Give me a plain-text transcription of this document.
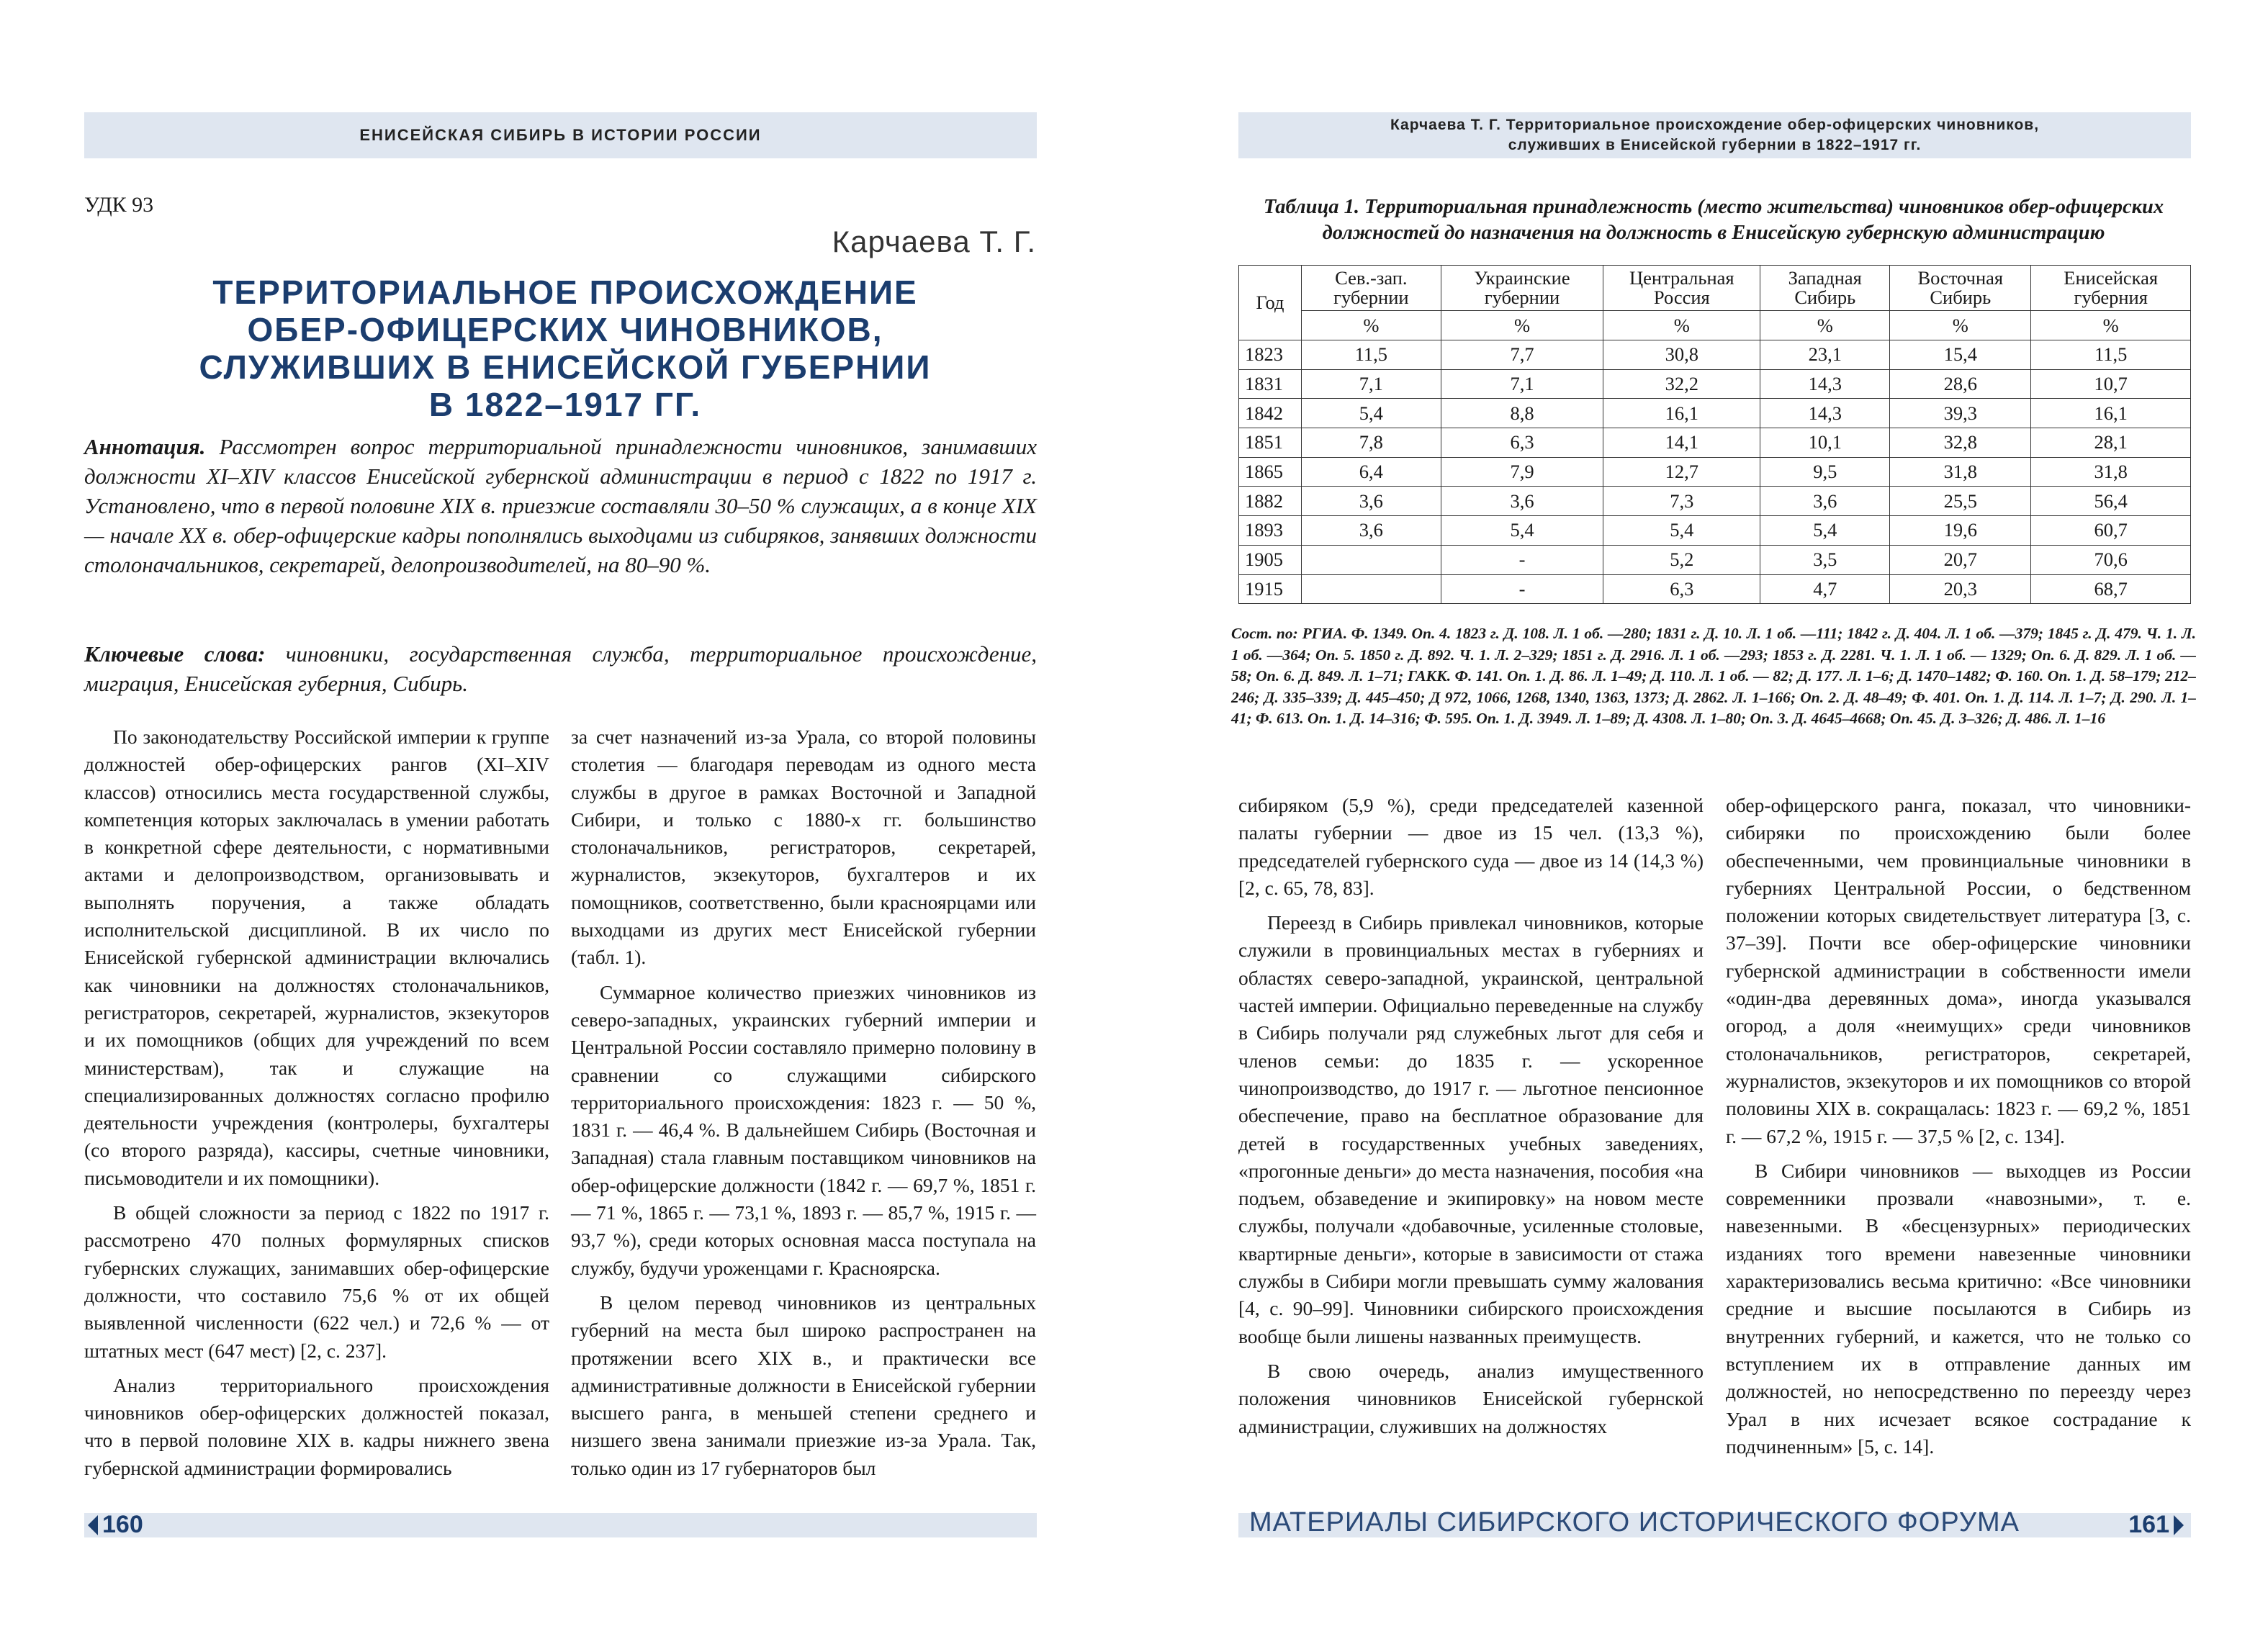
ЕНИСЕЙСКАЯ СИБИРЬ В ИСТОРИИ РОССИИ
УДК 93
Карчаева Т. Г.
ТЕРРИТОРИАЛЬНОЕ ПРОИСХОЖДЕНИЕ
ОБЕР-ОФИЦЕРСКИХ ЧИНОВНИКОВ,
СЛУЖИВШИХ В ЕНИСЕЙСКОЙ ГУБЕРНИИ
В 1822–1917 ГГ.
Аннотация. Рассмотрен вопрос территориальной принадлежности чиновников, занимавших должности XI–XIV классов Енисейской губернской администрации в период с 1822 по 1917 г. Установлено, что в первой половине XIX в. приезжие составляли 30–50 % служащих, а в конце XIX — начале XX в. обер-офицерские кадры пополнялись выходцами из сибиряков, занявших должности столоначальников, секретарей, делопроизводителей, на 80–90 %.
Ключевые слова: чиновники, государственная служба, территориальное происхождение, миграция, Енисейская губерния, Сибирь.

По законодательству Российской империи к группе должностей обер-офицерских рангов (XI–XIV классов) относились места государственной службы, компетенция которых заключалась в умении работать в конкретной сфере деятельности, с нормативными актами и делопроизводством, организовывать и выполнять поручения, а также обладать исполнительской дисциплиной. В их число по Енисейской губернской администрации включались как чиновники на должностях столоначальников, регистраторов, секретарей, журналистов, экзекуторов и их помощников (общих для учреждений по всем министерствам), так и служащие на специализированных должностях согласно профилю деятельности учреждения (контролеры, бухгалтеры (со второго разряда), кассиры, счетные чиновники, письмоводители и их помощники).

В общей сложности за период с 1822 по 1917 г. рассмотрено 470 полных формулярных списков губернских служащих, занимавших обер-офицерские должности, что составило 75,6 % от их общей выявленной численности (622 чел.) и 72,6 % — от штатных мест (647 мест) [2, с. 237].

Анализ территориального происхождения чиновников обер-офицерских должностей показал, что в первой половине XIX в. кадры нижнего звена губернской администрации формировались

за счет назначений из-за Урала, со второй половины столетия — благодаря переводам из одного места службы в другое в рамках Восточной и Западной Сибири, и только с 1880-х гг. большинство столоначальников, регистраторов, секретарей, журналистов, экзекуторов, бухгалтеров и их помощников, соответственно, были красноярцами или выходцами из других мест Енисейской губернии (табл. 1).

Суммарное количество приезжих чиновников из северо-западных, украинских губерний империи и Центральной России составляло примерно половину в сравнении со служащими сибирского территориального происхождения: 1823 г. — 50 %, 1831 г. — 46,4 %. В дальнейшем Сибирь (Восточная и Западная) стала главным поставщиком чиновников на обер-офицерские должности (1842 г. — 69,7 %, 1851 г. — 71 %, 1865 г. — 73,1 %, 1893 г. — 85,7 %, 1915 г. — 93,7 %), среди которых основная масса поступала на службу, будучи уроженцами г. Красноярска.

В целом перевод чиновников из центральных губерний на места был широко распространен на протяжении всего XIX в., и практически все административные должности в Енисейской губернии высшего ранга, в меньшей степени среднего и низшего звена занимали приезжие из-за Урала. Так, только один из 17 губернаторов был

160
Карчаева Т. Г. Территориальное происхождение обер-офицерских чиновников,
служивших в Енисейской губернии в 1822–1917 гг.
Таблица 1. Территориальная принадлежность (место жительства) чиновников обер-офицерских должностей до назначения на должность в Енисейскую губернскую администрацию
Год	Сев.-зап. губернии	Украинские губернии	Центральная Россия	Западная Сибирь	Восточная Сибирь	Енисейская губерния
	%	%	%	%	%	%
1823	11,5	7,7	30,8	23,1	15,4	11,5
1831	7,1	7,1	32,2	14,3	28,6	10,7
1842	5,4	8,8	16,1	14,3	39,3	16,1
1851	7,8	6,3	14,1	10,1	32,8	28,1
1865	6,4	7,9	12,7	9,5	31,8	31,8
1882	3,6	3,6	7,3	3,6	25,5	56,4
1893	3,6	5,4	5,4	5,4	19,6	60,7
1905		-	5,2	3,5	20,7	70,6
1915		-	6,3	4,7	20,3	68,7
Сост. по: РГИА. Ф. 1349. Оп. 4. 1823 г. Д. 108. Л. 1 об. —280; 1831 г. Д. 10. Л. 1 об. —111; 1842 г. Д. 404. Л. 1 об. —379; 1845 г. Д. 479. Ч. 1. Л. 1 об. —364; Оп. 5. 1850 г. Д. 892. Ч. 1. Л. 2–329; 1851 г. Д. 2916. Л. 1 об. —293; 1853 г. Д. 2281. Ч. 1. Л. 1 об. — 1329; Оп. 6. Д. 829. Л. 1 об. — 58; Оп. 6. Д. 849. Л. 1–71; ГАКК. Ф. 141. Оп. 1. Д. 86. Л. 1–49; Д. 110. Л. 1 об. — 82; Д. 177. Л. 1–6; Д. 1470–1482; Ф. 160. Оп. 1. Д. 58–179; 212–246; Д. 335–339; Д. 445–450; Д 972, 1066, 1268, 1340, 1363, 1373; Д. 2862. Л. 1–166; Оп. 2. Д. 48–49; Ф. 401. Оп. 1. Д. 114. Л. 1–7; Д. 290. Л. 1–41; Ф. 613. Оп. 1. Д. 14–316; Ф. 595. Оп. 1. Д. 3949. Л. 1–89; Д. 4308. Л. 1–80; Оп. 3. Д. 4645–4668; Оп. 45. Д. 3–326; Д. 486. Л. 1–16

сибиряком (5,9 %), среди председателей казенной палаты губернии — двое из 15 чел. (13,3 %), председателей губернского суда — двое из 14 (14,3 %) [2, с. 65, 78, 83].

Переезд в Сибирь привлекал чиновников, которые служили в провинциальных местах в губерниях и областях северо-западной, украинской, центральной частей империи. Официально переведенные на службу в Сибирь получали ряд служебных льгот для себя и членов семьи: до 1835 г. — ускоренное чинопроизводство, до 1917 г. — льготное пенсионное обеспечение, право на бесплатное образование для детей в государственных учебных заведениях, «прогонные деньги» до места назначения, пособия «на подъем, обзаведение и экипировку» на новом месте службы, получали «добавочные, усиленные столовые, квартирные деньги», которые в зависимости от стажа службы в Сибири могли превышать сумму жалования [4, с. 90–99]. Чиновники сибирского происхождения вообще были лишены названных преимуществ.

В свою очередь, анализ имущественного положения чиновников Енисейской губернской администрации, служивших на должностях

обер-офицерского ранга, показал, что чиновники-сибиряки по происхождению были более обеспеченными, чем провинциальные чиновники в губерниях Центральной России, о бедственном положении которых свидетельствует литература [3, с. 37–39]. Почти все обер-офицерские чиновники губернской администрации в собственности имели «один-два деревянных дома», иногда указывался огород, а доля «неимущих» среди чиновников столоначальников, регистраторов, секретарей, журналистов, экзекуторов и их помощников со второй половины XIX в. сокращалась: 1823 г. — 69,2 %, 1851 г. — 67,2 %, 1915 г. — 37,5 % [2, с. 134].

В Сибири чиновников — выходцев из России современники прозвали «навозными», т. е. навезенными. В «бесцензурных» периодических изданиях того времени навезенные чиновники характеризовались весьма критично: «Все чиновники средние и высшие посылаются в Сибирь из внутренних губерний, и кажется, что не только со вступлением их в отправление данных им должностей, но непосредственно по переезду через Урал в них исчезает всякое сострадание к подчиненным» [5, с. 14].

МАТЕРИАЛЫ СИБИРСКОГО ИСТОРИЧЕСКОГО ФОРУМА	161
